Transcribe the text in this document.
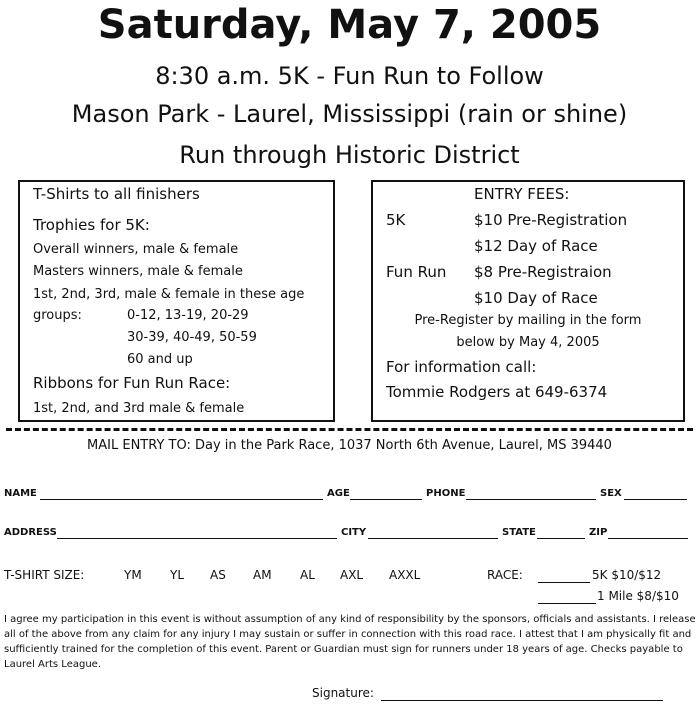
Saturday, May 7, 2005
8:30 a.m. 5K - Fun Run to Follow
Mason Park - Laurel, Mississippi (rain or shine)
Run through Historic District
T-Shirts to all finishers
Trophies for 5K:
Overall winners, male & female
Masters winners, male & female
1st, 2nd, 3rd, male & female in these age
groups:	0-12, 13-19, 20-29
30-39, 40-49, 50-59
60 and up
Ribbons for Fun Run Race:
1st, 2nd, and 3rd male & female
ENTRY FEES:
5K	$10 Pre-Registration
$12 Day of Race
Fun Run $8 Pre-Registraion
$10 Day of Race
Pre-Register by mailing in the form
below by May 4, 2005
For information call:
Tommie Rodgers at 649-6374
MAIL ENTRY TO: Day in the Park Race, 1037 North 6th Avenue, Laurel, MS 39440
NAME	AGE	PHONE	SEX
ADDRESS	CITY	STATE	ZIP
T-SHIRT SIZE:	YM YL AS AM AL AXL AXXL	RACE:	5K $10/$12
1 Mile $8/$10
I agree my participation in this event is without assumption of any kind of responsibility by the sponsors, officials and assistants. I release all of the above from any claim for any injury I may sustain or suffer in connection with this road race. I attest that I am physically fit and sufficiently trained for the completion of this event. Parent or Guardian must sign for runners under 18 years of age. Checks payable to Laurel Arts League.
Signature:
